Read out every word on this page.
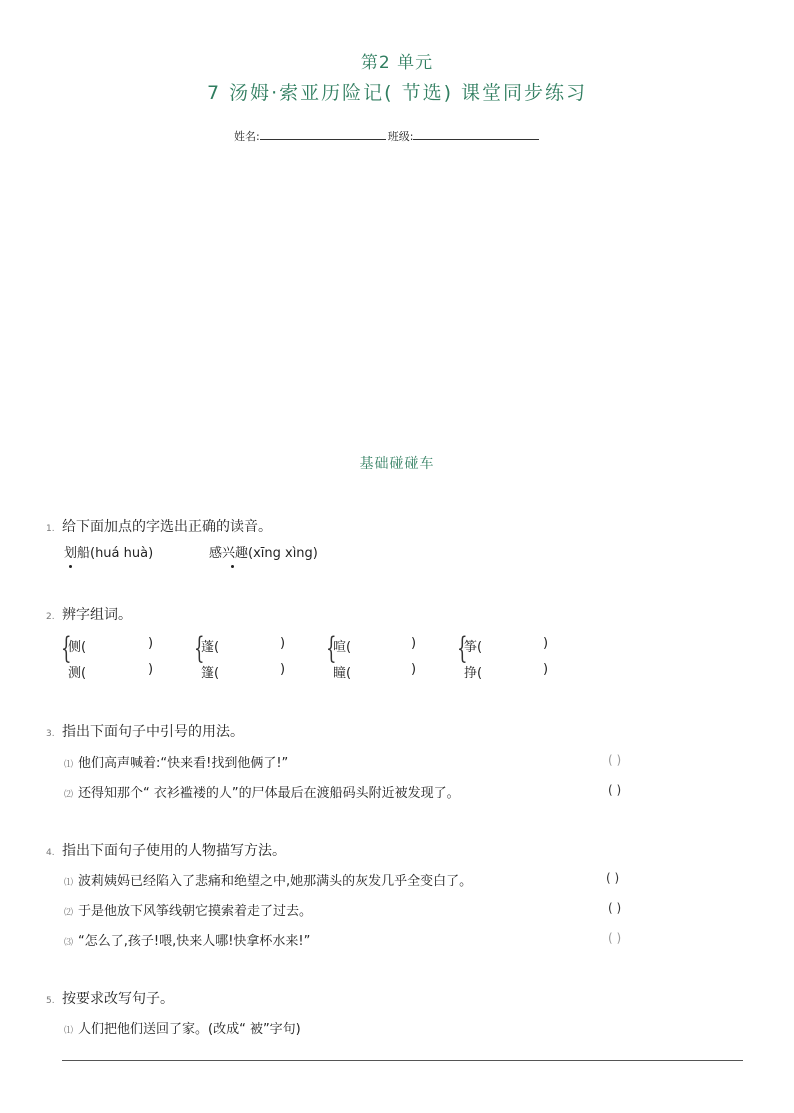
第2 单元
7 汤姆·索亚历险记( 节选) 课堂同步练习
姓名:	班级:
基础碰碰车
1. 给下面加点的字选出正确的读音。
划船(huá huà)	感兴趣(xīng xìng)
2. 辨字组词。
{
侧(	)
测(	)
{
蓬(	)
篷(	)
{
喧(	)
瞳(	)
{
筝(	)
挣(	)
3. 指出下面句子中引号的用法。
⑴ 他们高声喊着:“快来看!找到他俩了!”	( )
⑵ 还得知那个“ 衣衫褴褛的人”的尸体最后在渡船码头附近被发现了。	( )
4. 指出下面句子使用的人物描写方法。
⑴ 波莉姨妈已经陷入了悲痛和绝望之中,她那满头的灰发几乎全变白了。	( )
⑵ 于是他放下风筝线朝它摸索着走了过去。	( )
⑶ “怎么了,孩子!喂,快来人哪!快拿杯水来!”	( )
5. 按要求改写句子。
⑴ 人们把他们送回了家。(改成“ 被”字句)
